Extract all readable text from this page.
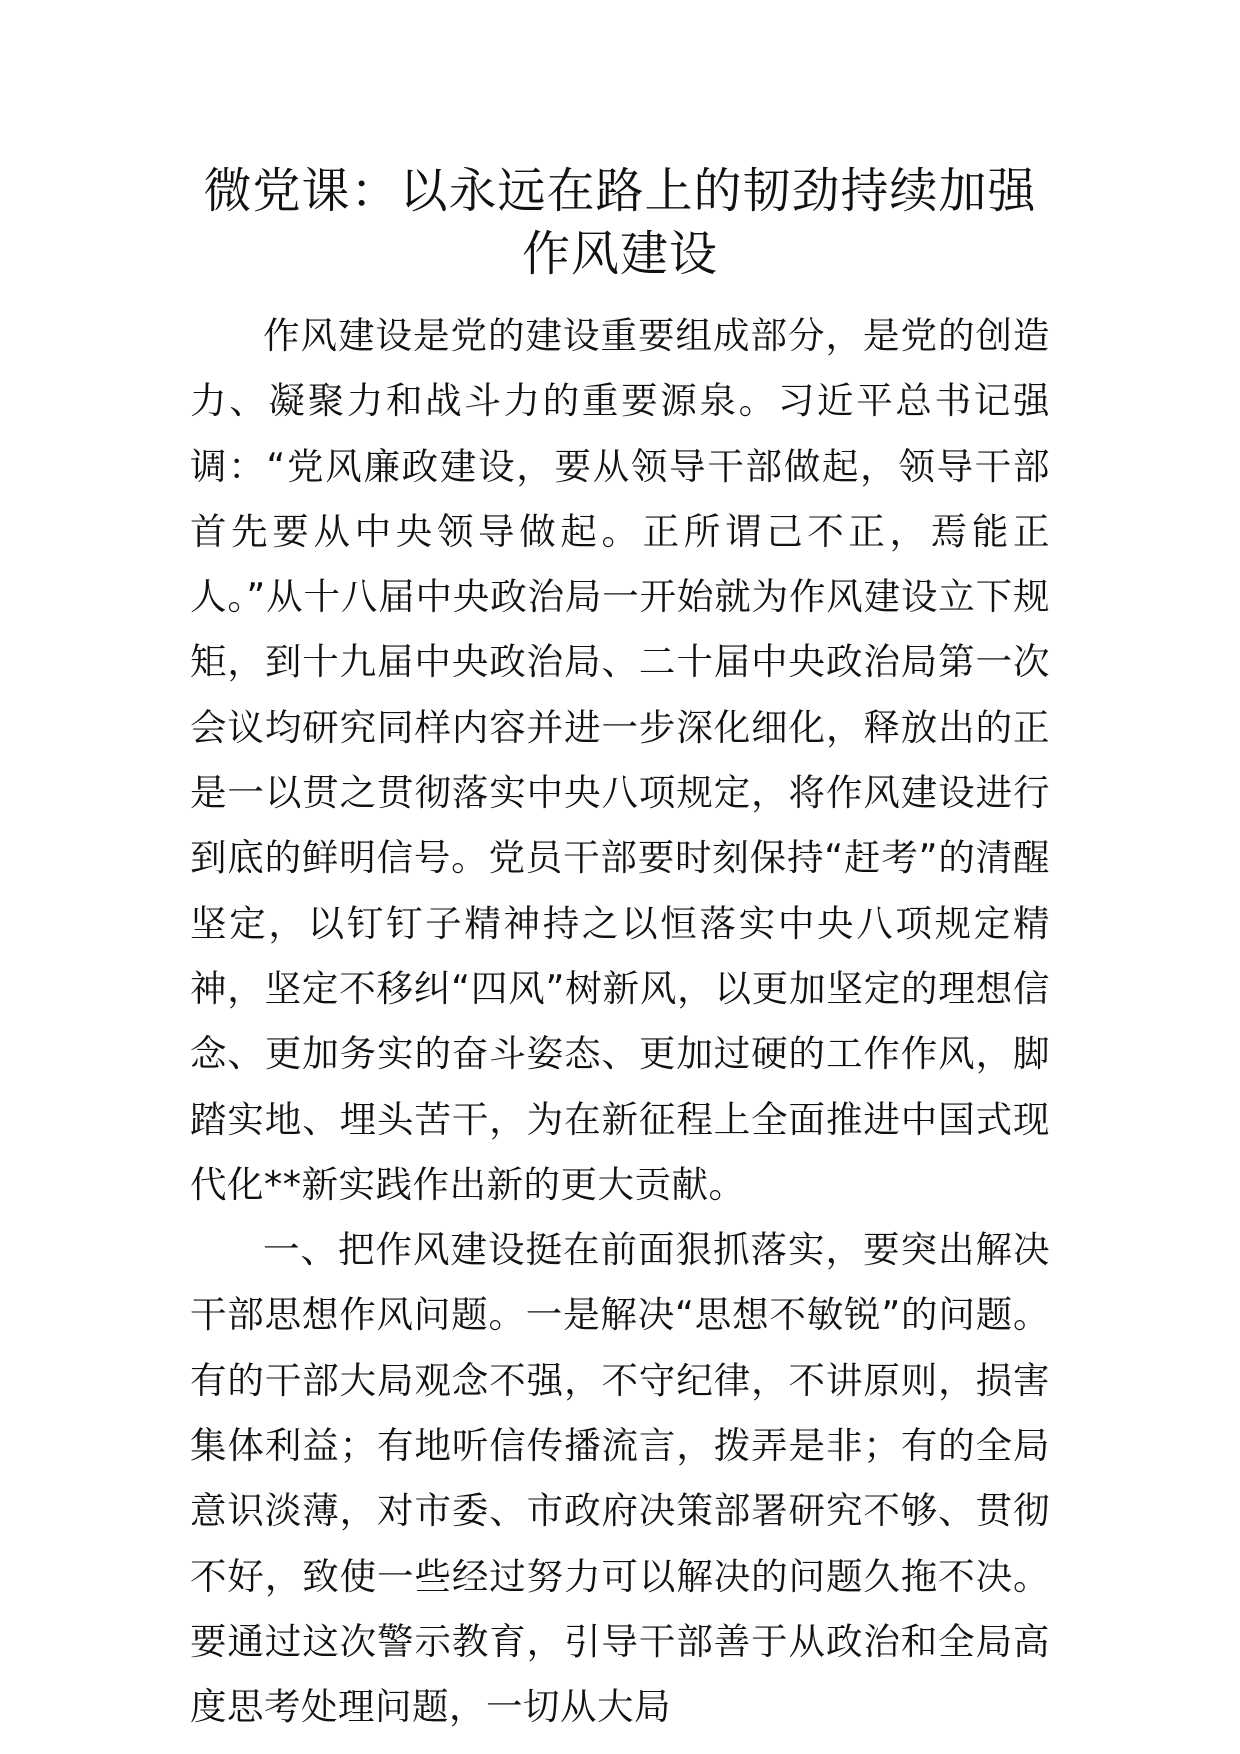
微党课：以永远在路上的韧劲持续加强作风建设

作风建设是党的建设重要组成部分，是党的创造力、凝聚力和战斗力的重要源泉。习近平总书记强调：“党风廉政建设，要从领导干部做起，领导干部首先要从中央领导做起。正所谓己不正，焉能正人。”从十八届中央政治局一开始就为作风建设立下规矩，到十九届中央政治局、二十届中央政治局第一次会议均研究同样内容并进一步深化细化，释放出的正是一以贯之贯彻落实中央八项规定，将作风建设进行到底的鲜明信号。党员干部要时刻保持“赶考”的清醒坚定，以钉钉子精神持之以恒落实中央八项规定精神，坚定不移纠“四风”树新风，以更加坚定的理想信念、更加务实的奋斗姿态、更加过硬的工作作风，脚踏实地、埋头苦干，为在新征程上全面推进中国式现代化**新实践作出新的更大贡献。

一、把作风建设挺在前面狠抓落实，要突出解决干部思想作风问题。一是解决“思想不敏锐”的问题。有的干部大局观念不强，不守纪律，不讲原则，损害集体利益；有地听信传播流言，拨弄是非；有的全局意识淡薄，对市委、市政府决策部署研究不够、贯彻不好，致使一些经过努力可以解决的问题久拖不决。要通过这次警示教育，引导干部善于从政治和全局高度思考处理问题，一切从大局
